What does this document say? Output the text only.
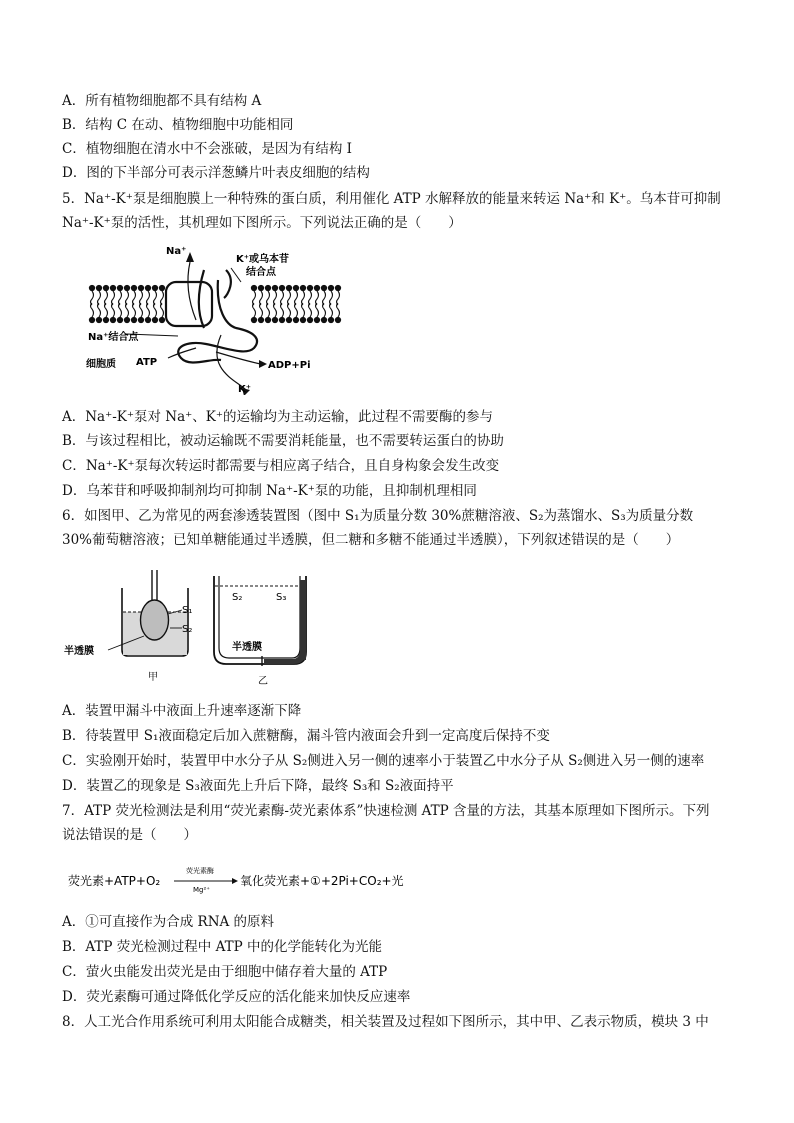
A．所有植物细胞都不具有结构 A
B．结构 C 在动、植物细胞中功能相同
C．植物细胞在清水中不会涨破，是因为有结构 I
D．图的下半部分可表示洋葱鳞片叶表皮细胞的结构
5．Na⁺-K⁺泵是细胞膜上一种特殊的蛋白质，利用催化 ATP 水解释放的能量来转运 Na⁺和 K⁺。乌本苷可抑制
Na⁺-K⁺泵的活性，其机理如下图所示。下列说法正确的是（　　）
Na⁺
K⁺或乌本苷
结合点
Na⁺结合点
细胞质 ATP	ADP+Pi
K⁺
A．Na⁺-K⁺泵对 Na⁺、K⁺的运输均为主动运输，此过程不需要酶的参与
B．与该过程相比，被动运输既不需要消耗能量，也不需要转运蛋白的协助
C．Na⁺-K⁺泵每次转运时都需要与相应离子结合，且自身构象会发生改变
D．乌苯苷和呼吸抑制剂均可抑制 Na⁺-K⁺泵的功能，且抑制机理相同
6．如图甲、乙为常见的两套渗透装置图（图中 S₁为质量分数 30%蔗糖溶液、S₂为蒸馏水、S₃为质量分数
30%葡萄糖溶液；已知单糖能通过半透膜，但二糖和多糖不能通过半透膜），下列叙述错误的是（　　）
S₁
S₂
半透膜
甲
S₂	S₃
半透膜
乙
A．装置甲漏斗中液面上升速率逐渐下降
B．待装置甲 S₁液面稳定后加入蔗糖酶，漏斗管内液面会升到一定高度后保持不变
C．实验刚开始时，装置甲中水分子从 S₂侧进入另一侧的速率小于装置乙中水分子从 S₂侧进入另一侧的速率
D．装置乙的现象是 S₃液面先上升后下降，最终 S₃和 S₂液面持平
7．ATP 荧光检测法是利用“荧光素酶-荧光素体系”快速检测 ATP 含量的方法，其基本原理如下图所示。下列
说法错误的是（　　）
荧光素+ATP+O₂
荧光素酶
Mg²⁺
氧化荧光素+①+2Pi+CO₂+光
A．①可直接作为合成 RNA 的原料
B．ATP 荧光检测过程中 ATP 中的化学能转化为光能
C．萤火虫能发出荧光是由于细胞中储存着大量的 ATP
D．荧光素酶可通过降低化学反应的活化能来加快反应速率
8．人工光合作用系统可利用太阳能合成糖类，相关装置及过程如下图所示，其中甲、乙表示物质，模块 3 中
